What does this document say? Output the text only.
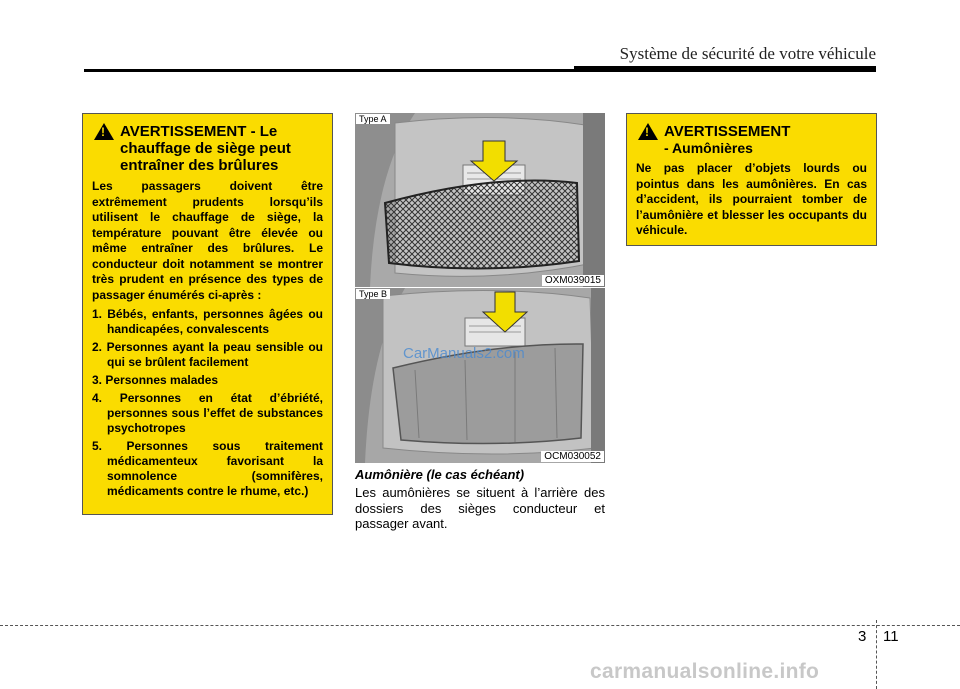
Système de sécurité de votre véhicule
!
AVERTISSEMENT - Le
chauffage de siège peut
entraîner des brûlures
Les passagers doivent être extrêmement prudents lorsqu’ils utilisent le chauffage de siège, la température pouvant être élevée ou même entraîner des brûlures. Le conducteur doit notamment se montrer très prudent en présence des types de passager énumérés ci-après :
1. Bébés, enfants, personnes âgées ou handicapées, convalescents
2. Personnes ayant la peau sensible ou qui se brûlent facilement
3. Personnes malades
4. Personnes en état d’ébriété, personnes sous l’effet de substances psychotropes
5. Personnes sous traitement médicamenteux favorisant la somnolence (somnifères, médicaments contre le rhume, etc.)
Type A
OXM039015
CarManuals2.com
Type B
OCM030052
Aumônière (le cas échéant)
Les aumônières se situent à l’arrière des dossiers des sièges conducteur et passager avant.
!
AVERTISSEMENT
- Aumônières
Ne pas placer d’objets lourds ou pointus dans les aumônières. En cas d’accident, ils pourraient tomber de l’aumônière et blesser les occupants du véhicule.
3 11
carmanualsonline.info
